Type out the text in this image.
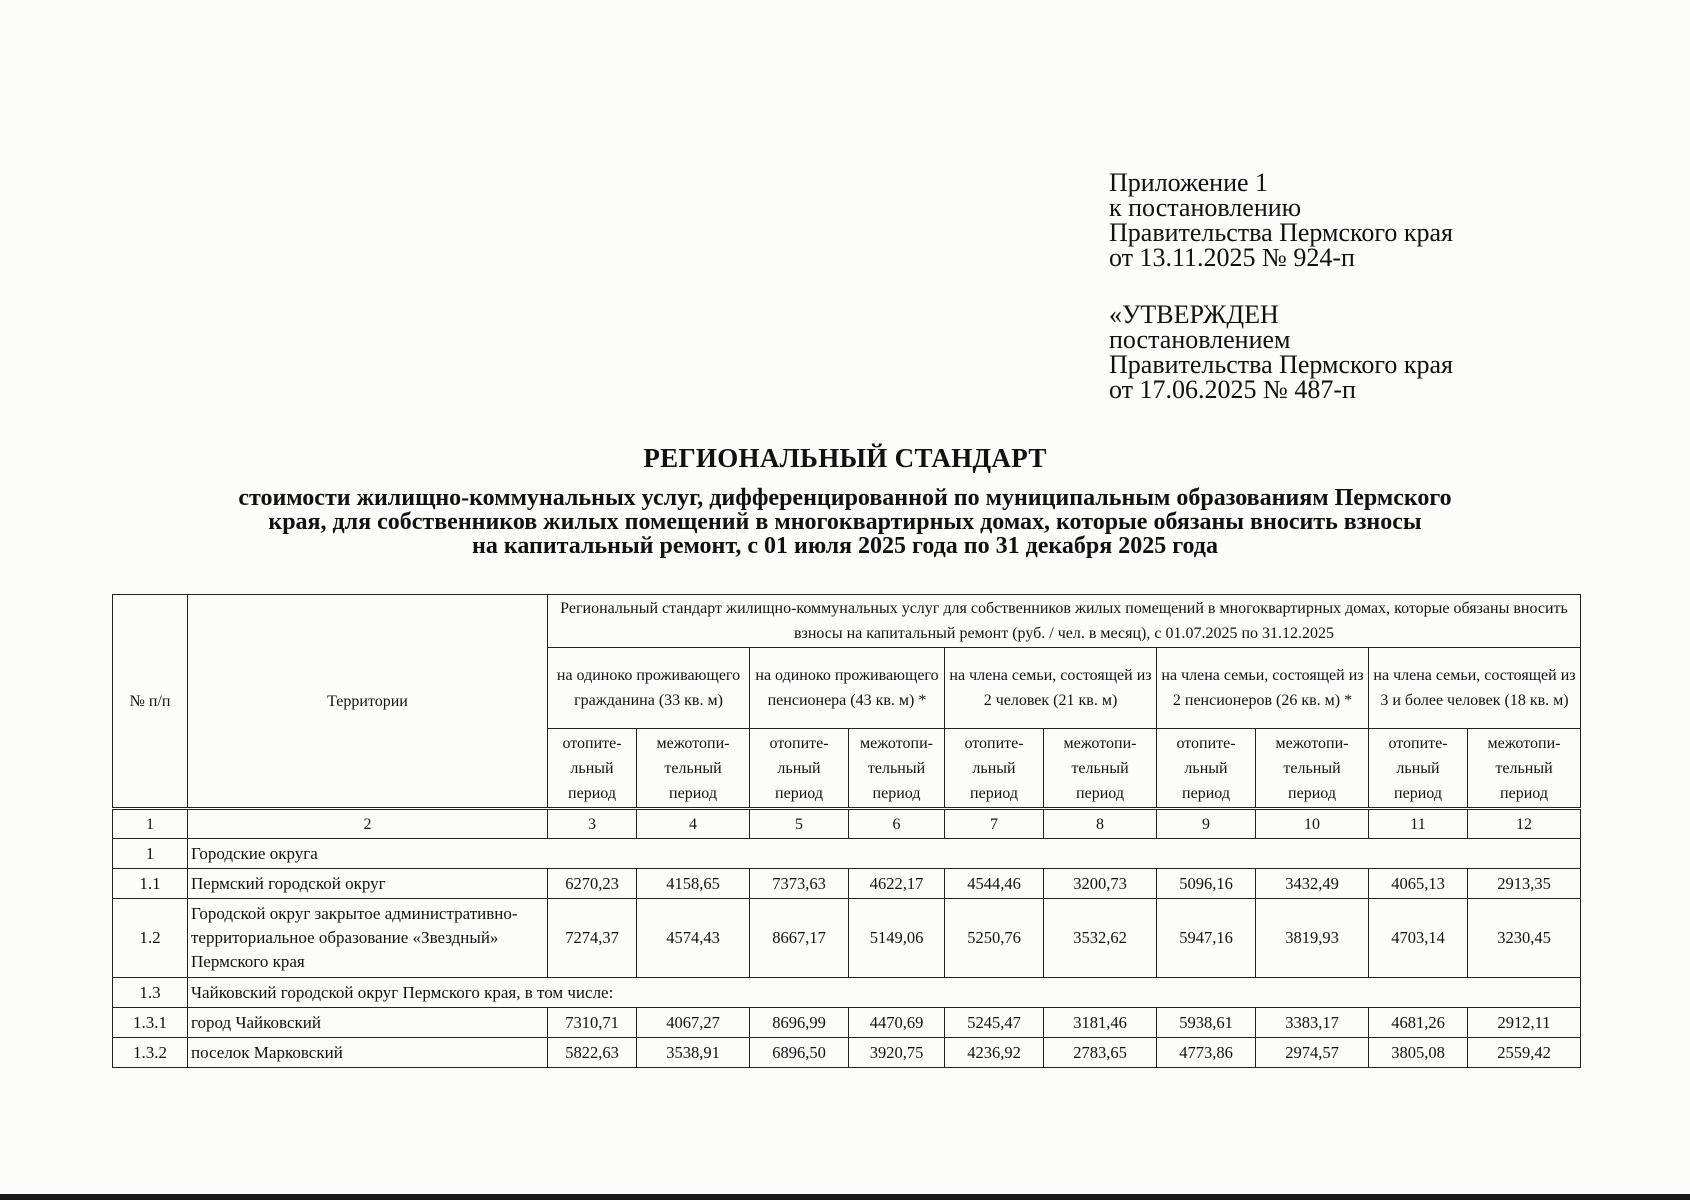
Приложение 1
к постановлению
Правительства Пермского края
от 13.11.2025 № 924-п
«УТВЕРЖДЕН
постановлением
Правительства Пермского края
от 17.06.2025 № 487-п
РЕГИОНАЛЬНЫЙ СТАНДАРТ
стоимости жилищно-коммунальных услуг, дифференцированной по муниципальным образованиям Пермского
края, для собственников жилых помещений в многоквартирных домах, которые обязаны вносить взносы
на капитальный ремонт, с 01 июля 2025 года по 31 декабря 2025 года
№ п/п	Территории	Региональный стандарт жилищно-коммунальных услуг для собственников жилых помещений в многоквартирных домах, которые обязаны вносить взносы на капитальный ремонт (руб. / чел. в месяц), с 01.07.2025 по 31.12.2025									
		на одиноко проживающего гражданина (33 кв. м)		на одиноко проживающего пенсионера (43 кв. м) *		на члена семьи, состоящей из 2 человек (21 кв. м)		на члена семьи, состоящей из 2 пенсионеров (26 кв. м) *		на члена семьи, состоящей из 3 и более человек (18 кв. м)	
		отопите-льный период	межотопи-тельный период	отопите-льный период	межотопи-тельный период	отопите-льный период	межотопи-тельный период	отопите-льный период	межотопи-тельный период	отопите-льный период	межотопи-тельный период
1	2	3	4	5	6	7	8	9	10	11	12
1	Городские округа										
1.1	Пермский городской округ	6270,23	4158,65	7373,63	4622,17	4544,46	3200,73	5096,16	3432,49	4065,13	2913,35
1.2	Городской округ закрытое административно-территориальное образование «Звездный» Пермского края	7274,37	4574,43	8667,17	5149,06	5250,76	3532,62	5947,16	3819,93	4703,14	3230,45
1.3	Чайковский городской округ Пермского края, в том числе:										
1.3.1	город Чайковский	7310,71	4067,27	8696,99	4470,69	5245,47	3181,46	5938,61	3383,17	4681,26	2912,11
1.3.2	поселок Марковский	5822,63	3538,91	6896,50	3920,75	4236,92	2783,65	4773,86	2974,57	3805,08	2559,42
